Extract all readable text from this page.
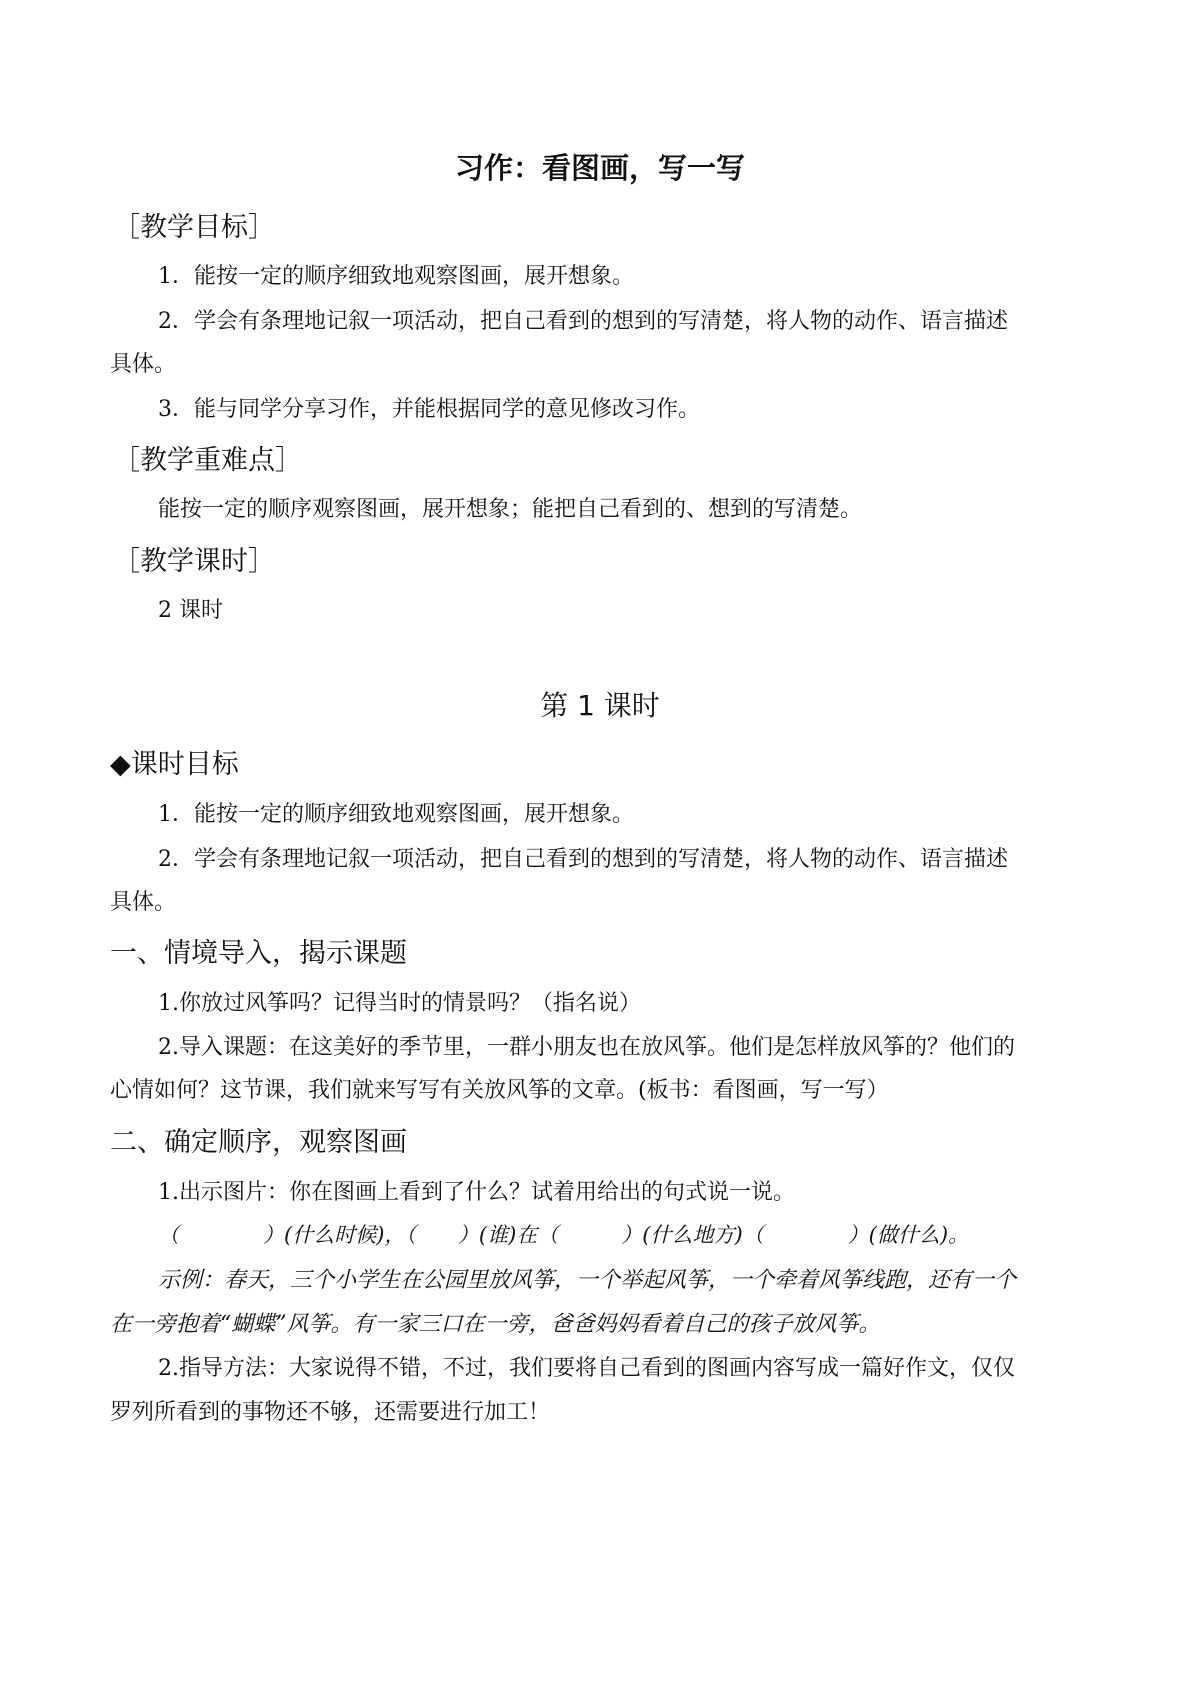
习作：看图画，写一写
［教学目标］
1．能按一定的顺序细致地观察图画，展开想象。
2．学会有条理地记叙一项活动，把自己看到的想到的写清楚，将人物的动作、语言描述
具体。
3．能与同学分享习作，并能根据同学的意见修改习作。
［教学重难点］
能按一定的顺序观察图画，展开想象；能把自己看到的、想到的写清楚。
［教学课时］
2 课时
第 1 课时
◆课时目标
1．能按一定的顺序细致地观察图画，展开想象。
2．学会有条理地记叙一项活动，把自己看到的想到的写清楚，将人物的动作、语言描述
具体。
一、情境导入，揭示课题
1.你放过风筝吗？记得当时的情景吗？（指名说）
2.导入课题：在这美好的季节里，一群小朋友也在放风筝。他们是怎样放风筝的？他们的
心情如何？这节课，我们就来写写有关放风筝的文章。(板书：看图画，写一写）
二、确定顺序，观察图画
1.出示图片：你在图画上看到了什么？试着用给出的句式说一说。
（　　　　）(什么时候)，（　　）(谁)在（　　　）(什么地方)（　　　　）(做什么)。
示例：春天，三个小学生在公园里放风筝，一个举起风筝，一个牵着风筝线跑，还有一个
在一旁抱着“蝴蝶”风筝。有一家三口在一旁，爸爸妈妈看着自己的孩子放风筝。
2.指导方法：大家说得不错，不过，我们要将自己看到的图画内容写成一篇好作文，仅仅
罗列所看到的事物还不够，还需要进行加工！
